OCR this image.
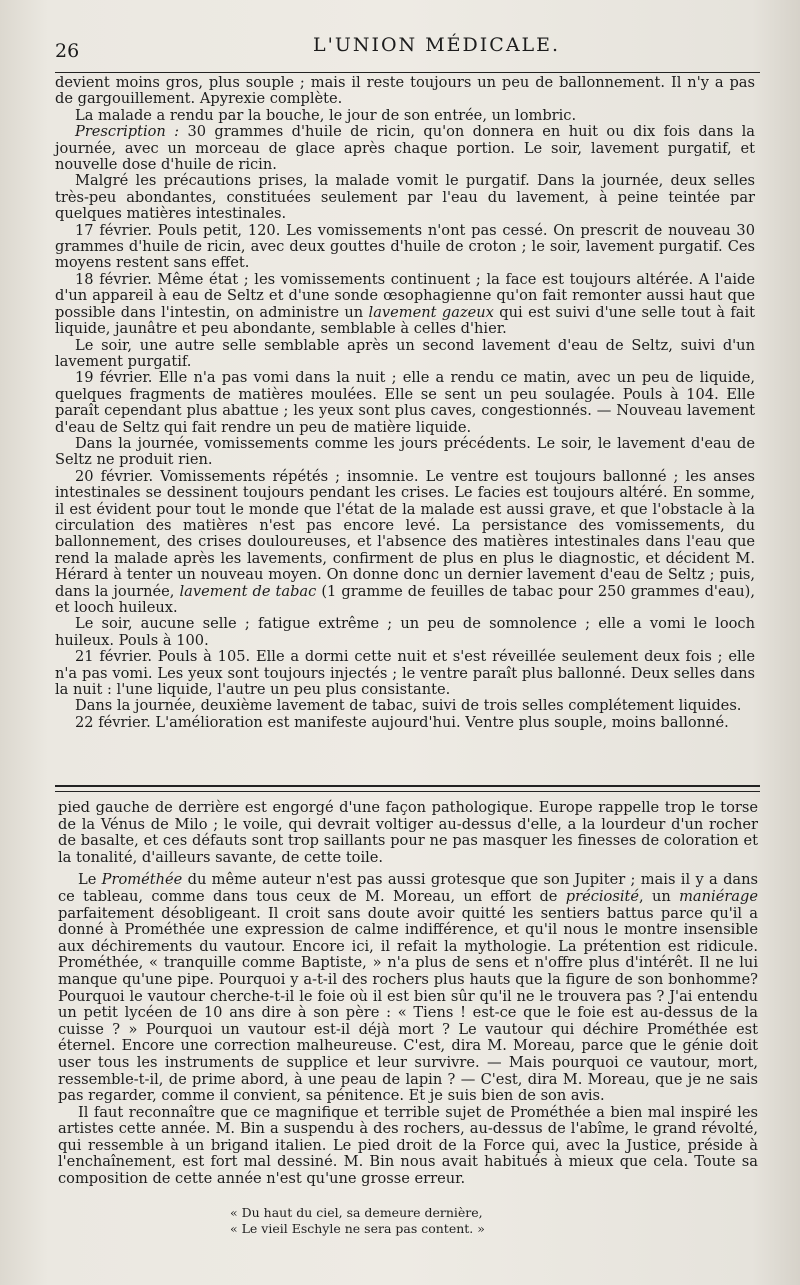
26	L'UNION MÉDICALE.

devient moins gros, plus souple ; mais il reste toujours un peu de ballonnement. Il n'y a pas de gargouillement. Apyrexie complète.

La malade a rendu par la bouche, le jour de son entrée, un lombric.

Prescription : 30 grammes d'huile de ricin, qu'on donnera en huit ou dix fois dans la journée, avec un morceau de glace après chaque portion. Le soir, lavement purgatif, et nouvelle dose d'huile de ricin.

Malgré les précautions prises, la malade vomit le purgatif. Dans la journée, deux selles très-peu abondantes, constituées seulement par l'eau du lavement, à peine teintée par quelques matières intestinales.

17 février. Pouls petit, 120. Les vomissements n'ont pas cessé. On prescrit de nouveau 30 grammes d'huile de ricin, avec deux gouttes d'huile de croton ; le soir, lavement purgatif. Ces moyens restent sans effet.

18 février. Même état ; les vomissements continuent ; la face est toujours altérée. A l'aide d'un appareil à eau de Seltz et d'une sonde œsophagienne qu'on fait remonter aussi haut que possible dans l'intestin, on administre un lavement gazeux qui est suivi d'une selle tout à fait liquide, jaunâtre et peu abondante, semblable à celles d'hier.

Le soir, une autre selle semblable après un second lavement d'eau de Seltz, suivi d'un lavement purgatif.

19 février. Elle n'a pas vomi dans la nuit ; elle a rendu ce matin, avec un peu de liquide, quelques fragments de matières moulées. Elle se sent un peu soulagée. Pouls à 104. Elle paraît cependant plus abattue ; les yeux sont plus caves, congestionnés. — Nouveau lavement d'eau de Seltz qui fait rendre un peu de matière liquide.

Dans la journée, vomissements comme les jours précédents. Le soir, le lavement d'eau de Seltz ne produit rien.

20 février. Vomissements répétés ; insomnie. Le ventre est toujours ballonné ; les anses intestinales se dessinent toujours pendant les crises. Le facies est toujours altéré. En somme, il est évident pour tout le monde que l'état de la malade est aussi grave, et que l'obstacle à la circulation des matières n'est pas encore levé. La persistance des vomissements, du ballonnement, des crises douloureuses, et l'absence des matières intestinales dans l'eau que rend la malade après les lavements, confirment de plus en plus le diagnostic, et décident M. Hérard à tenter un nouveau moyen. On donne donc un dernier lavement d'eau de Seltz ; puis, dans la journée, lavement de tabac (1 gramme de feuilles de tabac pour 250 grammes d'eau), et looch huileux.

Le soir, aucune selle ; fatigue extrême ; un peu de somnolence ; elle a vomi le looch huileux. Pouls à 100.

21 février. Pouls à 105. Elle a dormi cette nuit et s'est réveillée seulement deux fois ; elle n'a pas vomi. Les yeux sont toujours injectés ; le ventre paraît plus ballonné. Deux selles dans la nuit : l'une liquide, l'autre un peu plus consistante.

Dans la journée, deuxième lavement de tabac, suivi de trois selles complétement liquides.

22 février. L'amélioration est manifeste aujourd'hui. Ventre plus souple, moins ballonné.

pied gauche de derrière est engorgé d'une façon pathologique. Europe rappelle trop le torse de la Vénus de Milo ; le voile, qui devrait voltiger au-dessus d'elle, a la lourdeur d'un rocher de basalte, et ces défauts sont trop saillants pour ne pas masquer les finesses de coloration et la tonalité, d'ailleurs savante, de cette toile.

Le Prométhée du même auteur n'est pas aussi grotesque que son Jupiter ; mais il y a dans ce tableau, comme dans tous ceux de M. Moreau, un effort de préciosité, un maniérage parfaitement désobligeant. Il croit sans doute avoir quitté les sentiers battus parce qu'il a donné à Prométhée une expression de calme indifférence, et qu'il nous le montre insensible aux déchirements du vautour. Encore ici, il refait la mythologie. La prétention est ridicule. Prométhée, « tranquille comme Baptiste, » n'a plus de sens et n'offre plus d'intérêt. Il ne lui manque qu'une pipe. Pourquoi y a-t-il des rochers plus hauts que la figure de son bonhomme? Pourquoi le vautour cherche-t-il le foie où il est bien sûr qu'il ne le trouvera pas ? J'ai entendu un petit lycéen de 10 ans dire à son père : « Tiens ! est-ce que le foie est au-dessus de la cuisse ? » Pourquoi un vautour est-il déjà mort ? Le vautour qui déchire Prométhée est éternel. Encore une correction malheureuse. C'est, dira M. Moreau, parce que le génie doit user tous les instruments de supplice et leur survivre. — Mais pourquoi ce vautour, mort, ressemble-t-il, de prime abord, à une peau de lapin ? — C'est, dira M. Moreau, que je ne sais pas regarder, comme il convient, sa pénitence. Et je suis bien de son avis.

Il faut reconnaître que ce magnifique et terrible sujet de Prométhée a bien mal inspiré les artistes cette année. M. Bin a suspendu à des rochers, au-dessus de l'abîme, le grand révolté, qui ressemble à un brigand italien. Le pied droit de la Force qui, avec la Justice, préside à l'enchaînement, est fort mal dessiné. M. Bin nous avait habitués à mieux que cela. Toute sa composition de cette année n'est qu'une grosse erreur.

« Du haut du ciel, sa demeure dernière,
« Le vieil Eschyle ne sera pas content. »
